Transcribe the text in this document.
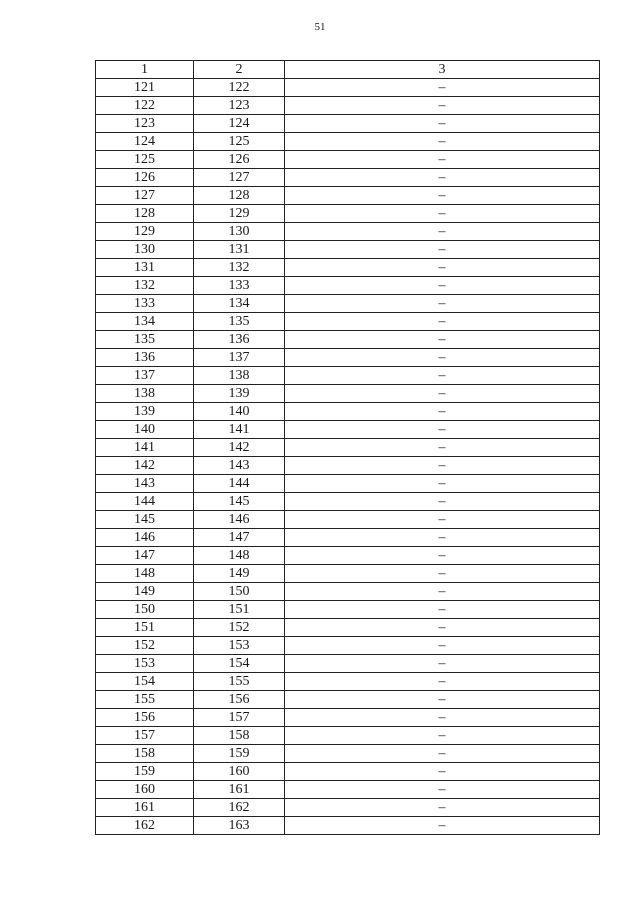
51
1	2	3
121	122	–
122	123	–
123	124	–
124	125	–
125	126	–
126	127	–
127	128	–
128	129	–
129	130	–
130	131	–
131	132	–
132	133	–
133	134	–
134	135	–
135	136	–
136	137	–
137	138	–
138	139	–
139	140	–
140	141	–
141	142	–
142	143	–
143	144	–
144	145	–
145	146	–
146	147	–
147	148	–
148	149	–
149	150	–
150	151	–
151	152	–
152	153	–
153	154	–
154	155	–
155	156	–
156	157	–
157	158	–
158	159	–
159	160	–
160	161	–
161	162	–
162	163	–
